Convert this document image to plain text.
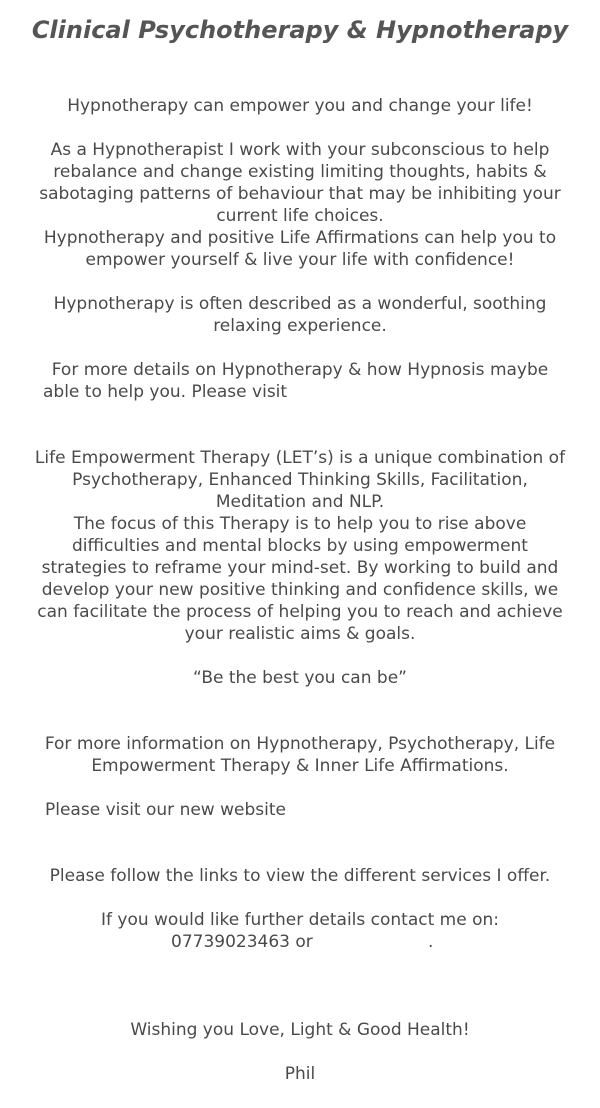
Clinical Psychotherapy & Hypnotherapy

Hypnotherapy can empower you and change your life!

As a Hypnotherapist I work with your subconscious to help

rebalance and change existing limiting thoughts, habits &

sabotaging patterns of behaviour that may be inhibiting your

current life choices.

Hypnotherapy and positive Life Affirmations can help you to

empower yourself & live your life with confidence!

Hypnotherapy is often described as a wonderful, soothing

relaxing experience.

For more details on Hypnotherapy & how Hypnosis maybe

able to help you. Please visit

Life Empowerment Therapy (LET’s) is a unique combination of

Psychotherapy, Enhanced Thinking Skills, Facilitation,

Meditation and NLP.

The focus of this Therapy is to help you to rise above

difficulties and mental blocks by using empowerment

strategies to reframe your mind-set. By working to build and

develop your new positive thinking and confidence skills, we

can facilitate the process of helping you to reach and achieve

your realistic aims & goals.

“Be the best you can be”

For more information on Hypnotherapy, Psychotherapy, Life

Empowerment Therapy & Inner Life Affirmations.

Please visit our new website

Please follow the links to view the different services I offer.

If you would like further details contact me on:

07739023463 or	.

Wishing you Love, Light & Good Health!

Phil
